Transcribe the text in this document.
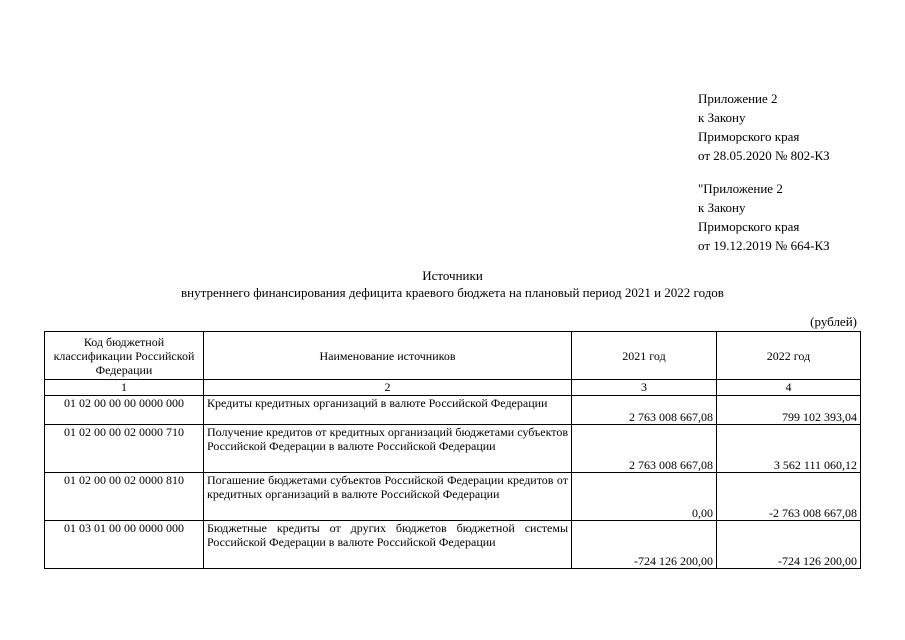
Приложение 2
к Закону
Приморского края
от 28.05.2020 № 802-КЗ
"Приложение 2
к Закону
Приморского края
от 19.12.2019 № 664-КЗ
Источники
внутреннего финансирования дефицита краевого бюджета на плановый период 2021 и 2022 годов
(рублей)
Код бюджетной классификации Российской Федерации	Наименование источников	2021 год	2022 год
1	2	3	4
01 02 00 00 00 0000 000	Кредиты кредитных организаций в валюте Российской Федерации	2 763 008 667,08	799 102 393,04
01 02 00 00 02 0000 710	Получение кредитов от кредитных организаций бюджетами субъектов Российской Федерации в валюте Российской Федерации	2 763 008 667,08	3 562 111 060,12
01 02 00 00 02 0000 810	Погашение бюджетами субъектов Российской Федерации кредитов от кредитных организаций в валюте Российской Федерации	0,00	-2 763 008 667,08
01 03 01 00 00 0000 000	Бюджетные кредиты от других бюджетов бюджетной системы Российской Федерации в валюте Российской Федерации	-724 126 200,00	-724 126 200,00
